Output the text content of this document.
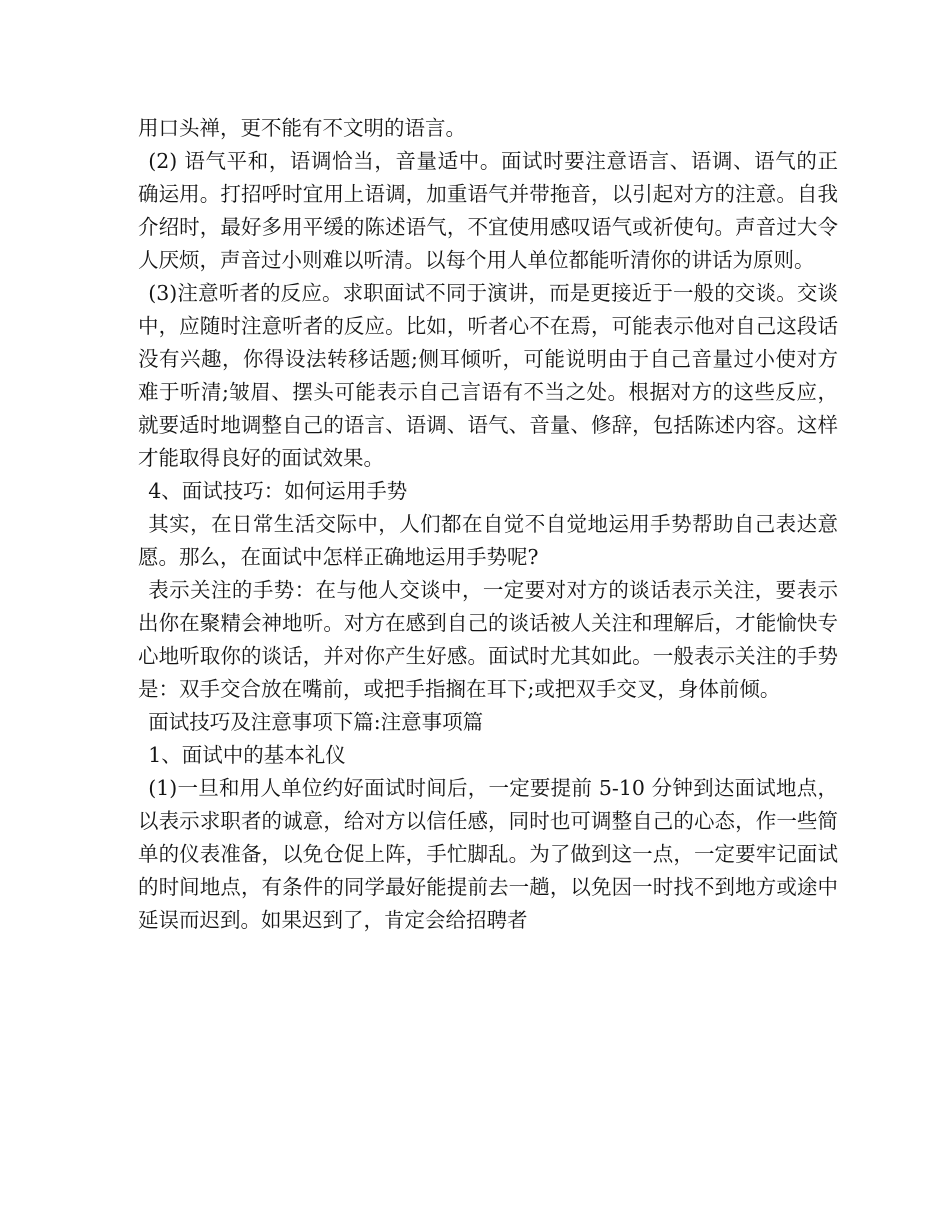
用口头禅，更不能有不文明的语言。

(2) 语气平和，语调恰当，音量适中。面试时要注意语言、语调、语气的正确运用。打招呼时宜用上语调，加重语气并带拖音，以引起对方的注意。自我介绍时，最好多用平缓的陈述语气，不宜使用感叹语气或祈使句。声音过大令人厌烦，声音过小则难以听清。以每个用人单位都能听清你的讲话为原则。

(3)注意听者的反应。求职面试不同于演讲，而是更接近于一般的交谈。交谈中，应随时注意听者的反应。比如，听者心不在焉，可能表示他对自己这段话没有兴趣，你得设法转移话题;侧耳倾听，可能说明由于自己音量过小使对方难于听清;皱眉、摆头可能表示自己言语有不当之处。根据对方的这些反应，就要适时地调整自己的语言、语调、语气、音量、修辞，包括陈述内容。这样才能取得良好的面试效果。

4、面试技巧：如何运用手势

其实，在日常生活交际中，人们都在自觉不自觉地运用手势帮助自己表达意愿。那么，在面试中怎样正确地运用手势呢?

表示关注的手势：在与他人交谈中，一定要对对方的谈话表示关注，要表示出你在聚精会神地听。对方在感到自己的谈话被人关注和理解后，才能愉快专心地听取你的谈话，并对你产生好感。面试时尤其如此。一般表示关注的手势是：双手交合放在嘴前，或把手指搁在耳下;或把双手交叉，身体前倾。

面试技巧及注意事项下篇:注意事项篇

1、面试中的基本礼仪

(1)一旦和用人单位约好面试时间后，一定要提前 5-10 分钟到达面试地点，以表示求职者的诚意，给对方以信任感，同时也可调整自己的心态，作一些简单的仪表准备，以免仓促上阵，手忙脚乱。为了做到这一点，一定要牢记面试的时间地点，有条件的同学最好能提前去一趟，以免因一时找不到地方或途中延误而迟到。如果迟到了，肯定会给招聘者
